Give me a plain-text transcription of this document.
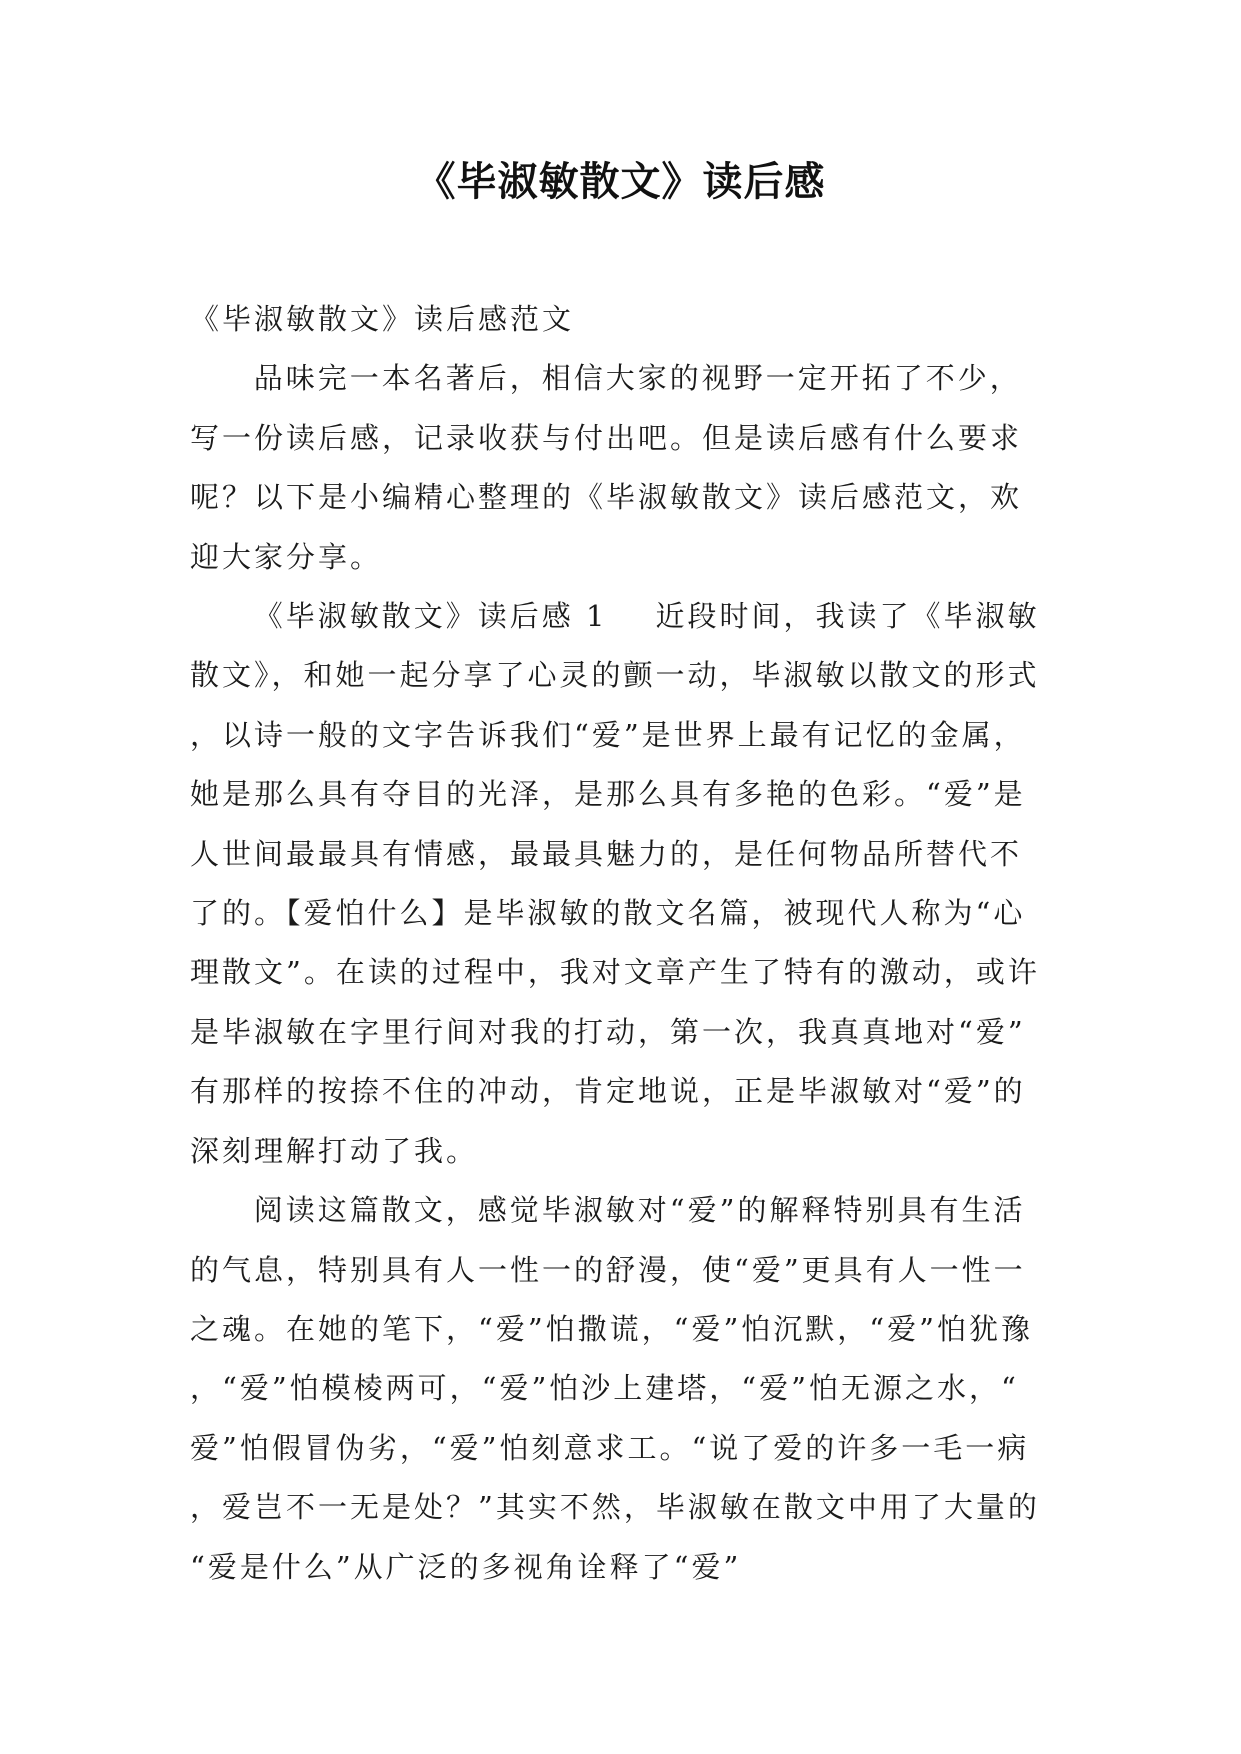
《毕淑敏散文》读后感

《毕淑敏散文》读后感范文

品味完一本名著后，相信大家的视野一定开拓了不少，写一份读后感，记录收获与付出吧。但是读后感有什么要求呢？以下是小编精心整理的《毕淑敏散文》读后感范文，欢迎大家分享。

《毕淑敏散文》读后感 1 近段时间，我读了《毕淑敏散文》，和她一起分享了心灵的颤一动，毕淑敏以散文的形式，以诗一般的文字告诉我们“爱”是世界上最有记忆的金属，她是那么具有夺目的光泽，是那么具有多艳的色彩。“爱”是人世间最最具有情感，最最具魅力的，是任何物品所替代不了的。【爱怕什么】是毕淑敏的散文名篇，被现代人称为“心理散文”。在读的过程中，我对文章产生了特有的激动，或许是毕淑敏在字里行间对我的打动，第一次，我真真地对“爱”有那样的按捺不住的冲动，肯定地说，正是毕淑敏对“爱”的深刻理解打动了我。

阅读这篇散文，感觉毕淑敏对“爱”的解释特别具有生活的气息，特别具有人一性一的舒漫，使“爱”更具有人一性一之魂。在她的笔下，“爱”怕撒谎，“爱”怕沉默，“爱”怕犹豫，“爱”怕模棱两可，“爱”怕沙上建塔，“爱”怕无源之水，“爱”怕假冒伪劣，“爱”怕刻意求工。“说了爱的许多一毛一病，爱岂不一无是处？”其实不然，毕淑敏在散文中用了大量的“爱是什么”从广泛的多视角诠释了“爱”
